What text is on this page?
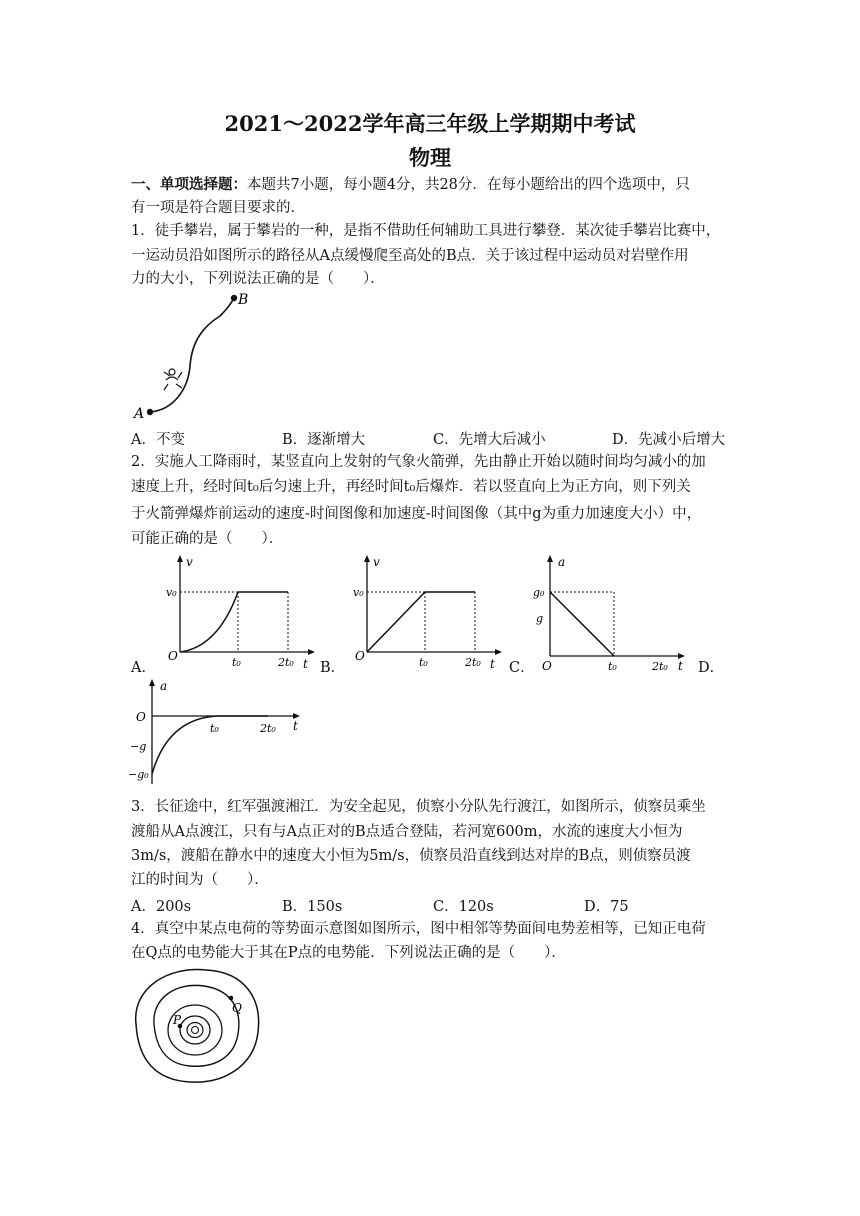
2021～2022学年高三年级上学期期中考试
物理
一、单项选择题：本题共7小题，每小题4分，共28分．在每小题给出的四个选项中，只
有一项是符合题目要求的．
1．徒手攀岩，属于攀岩的一种，是指不借助任何辅助工具进行攀登．某次徒手攀岩比赛中，
一运动员沿如图所示的路径从A点缓慢爬至高处的B点．关于该过程中运动员对岩壁作用
力的大小，下列说法正确的是（　　）．
A
B
A．不变	B．逐渐增大	C．先增大后减小	D．先减小后增大
2．实施人工降雨时，某竖直向上发射的气象火箭弹，先由静止开始以随时间均匀减小的加
速度上升，经时间t₀后匀速上升，再经时间t₀后爆炸．若以竖直向上为正方向，则下列关
于火箭弹爆炸前运动的速度-时间图像和加速度-时间图像（其中g为重力加速度大小）中，
可能正确的是（　　）．
v
t
v₀
O	t₀	2t₀
A．
v
t
v₀
O	t₀	2t₀
B．
a
t
g₀
g
O	t₀	2t₀
C．	D．
a
t
O
t₀	2t₀
−g
−g₀
3．长征途中，红军强渡湘江．为安全起见，侦察小分队先行渡江，如图所示，侦察员乘坐
渡船从A点渡江，只有与A点正对的B点适合登陆，若河宽600m，水流的速度大小恒为
3m/s，渡船在静水中的速度大小恒为5m/s，侦察员沿直线到达对岸的B点，则侦察员渡
江的时间为（　　）．
A．200s	B．150s	C．120s	D．75
4．真空中某点电荷的等势面示意图如图所示，图中相邻等势面间电势差相等，已知正电荷
在Q点的电势能大于其在P点的电势能．下列说法正确的是（　　）．
P
Q
